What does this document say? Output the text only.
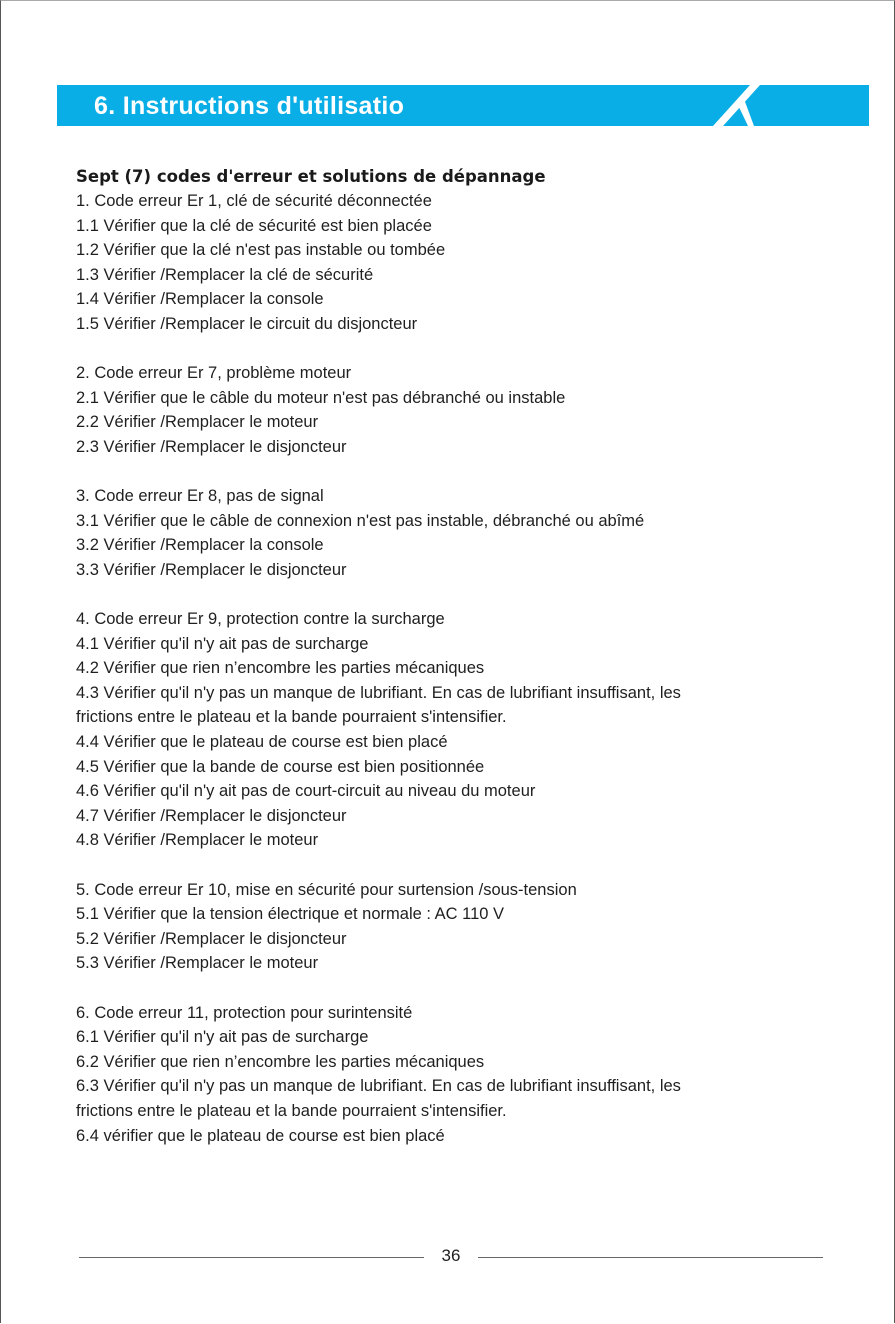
6. Instructions d'utilisatio
Sept (7) codes d'erreur et solutions de dépannage
1. Code erreur Er 1, clé de sécurité déconnectée
1.1 Vérifier que la clé de sécurité est bien placée
1.2 Vérifier que la clé n'est pas instable ou tombée
1.3 Vérifier /Remplacer la clé de sécurité
1.4 Vérifier /Remplacer la console
1.5 Vérifier /Remplacer le circuit du disjoncteur
2. Code erreur Er 7, problème moteur
2.1 Vérifier que le câble du moteur n'est pas débranché ou instable
2.2 Vérifier /Remplacer le moteur
2.3 Vérifier /Remplacer le disjoncteur
3. Code erreur Er 8, pas de signal
3.1 Vérifier que le câble de connexion n'est pas instable, débranché ou abîmé
3.2 Vérifier /Remplacer la console
3.3 Vérifier /Remplacer le disjoncteur
4. Code erreur Er 9, protection contre la surcharge
4.1 Vérifier qu'il n'y ait pas de surcharge
4.2 Vérifier que rien n’encombre les parties mécaniques
4.3 Vérifier qu'il n'y pas un manque de lubrifiant. En cas de lubrifiant insuffisant, les
frictions entre le plateau et la bande pourraient s'intensifier.
4.4 Vérifier que le plateau de course est bien placé
4.5 Vérifier que la bande de course est bien positionnée
4.6 Vérifier qu'il n'y ait pas de court-circuit au niveau du moteur
4.7 Vérifier /Remplacer le disjoncteur
4.8 Vérifier /Remplacer le moteur
5. Code erreur Er 10, mise en sécurité pour surtension /sous-tension
5.1 Vérifier que la tension électrique et normale : AC 110 V
5.2 Vérifier /Remplacer le disjoncteur
5.3 Vérifier /Remplacer le moteur
6. Code erreur 11, protection pour surintensité
6.1 Vérifier qu'il n'y ait pas de surcharge
6.2 Vérifier que rien n’encombre les parties mécaniques
6.3 Vérifier qu'il n'y pas un manque de lubrifiant. En cas de lubrifiant insuffisant, les
frictions entre le plateau et la bande pourraient s'intensifier.
6.4 vérifier que le plateau de course est bien placé
36
